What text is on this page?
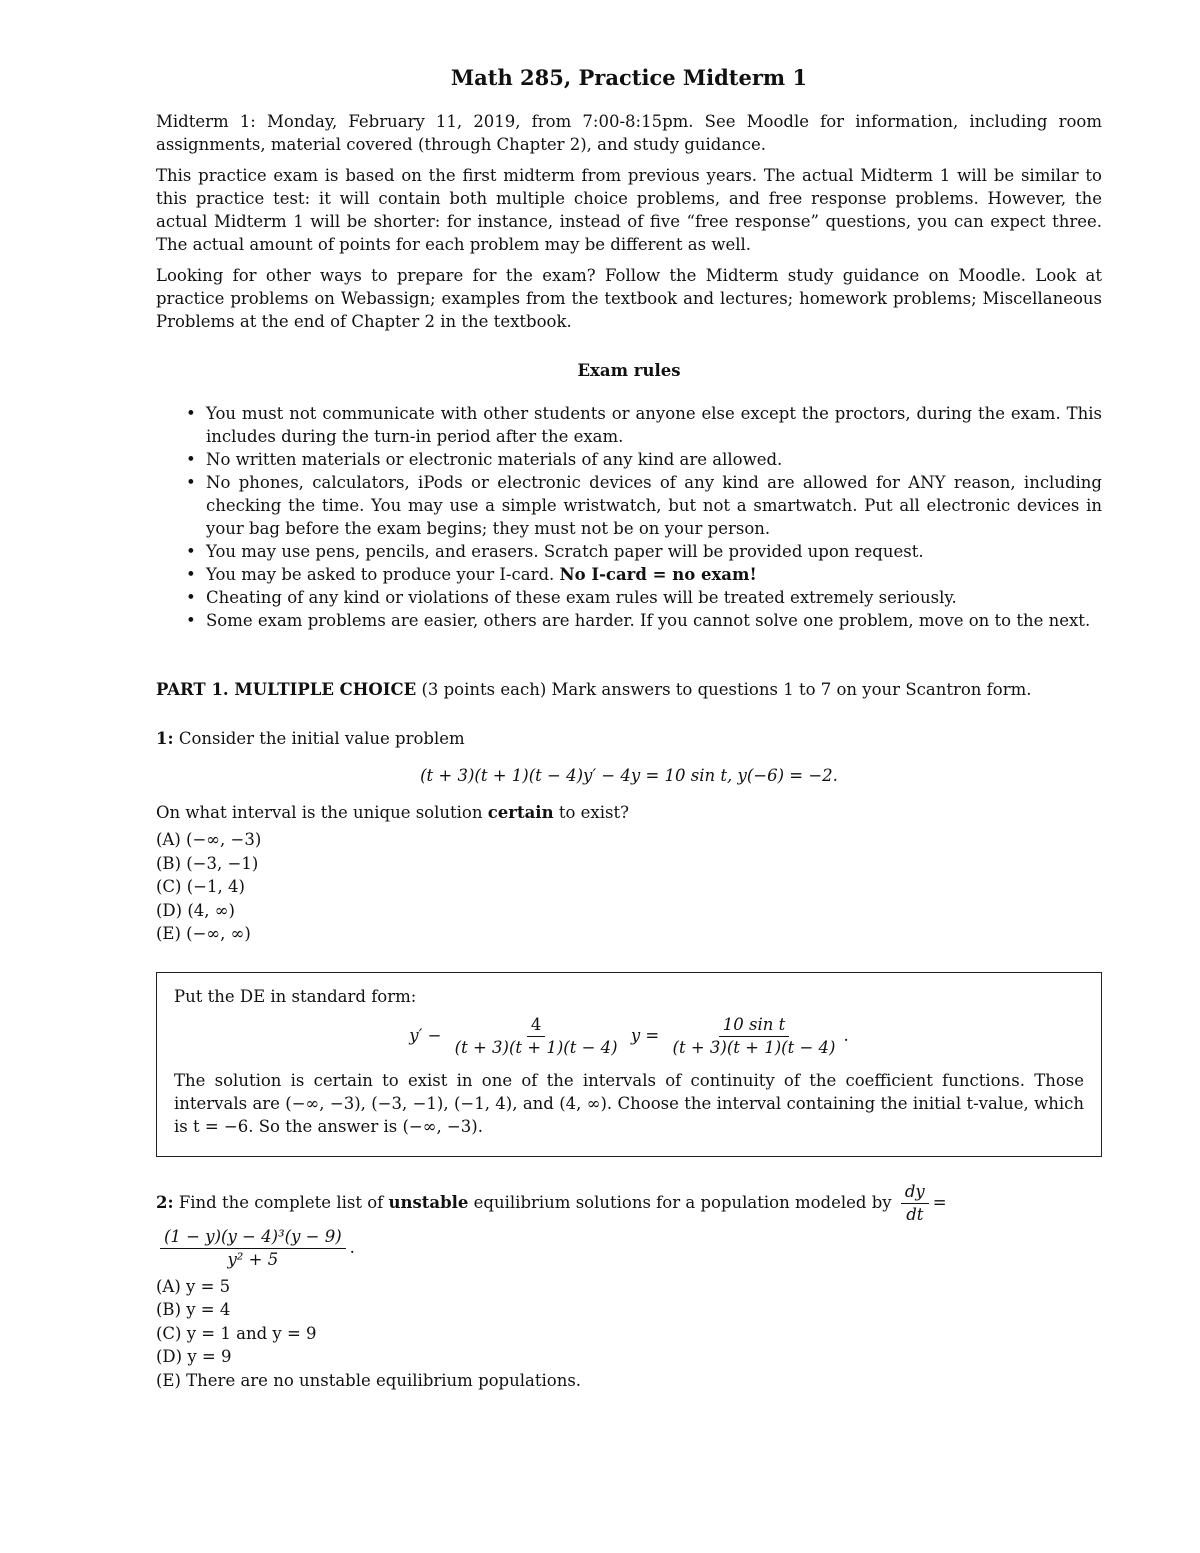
Math 285, Practice Midterm 1

Midterm 1: Monday, February 11, 2019, from 7:00-8:15pm. See Moodle for information, including room assignments, material covered (through Chapter 2), and study guidance.

This practice exam is based on the first midterm from previous years. The actual Midterm 1 will be similar to this practice test: it will contain both multiple choice problems, and free response problems. However, the actual Midterm 1 will be shorter: for instance, instead of five “free response” questions, you can expect three. The actual amount of points for each problem may be different as well.

Looking for other ways to prepare for the exam? Follow the Midterm study guidance on Moodle. Look at practice problems on Webassign; examples from the textbook and lectures; homework problems; Miscellaneous Problems at the end of Chapter 2 in the textbook.

Exam rules
• You must not communicate with other students or anyone else except the proctors, during the exam. This includes during the turn-in period after the exam.
• No written materials or electronic materials of any kind are allowed.
• No phones, calculators, iPods or electronic devices of any kind are allowed for ANY reason, including checking the time. You may use a simple wristwatch, but not a smartwatch. Put all electronic devices in your bag before the exam begins; they must not be on your person.
• You may use pens, pencils, and erasers. Scratch paper will be provided upon request.
• You may be asked to produce your I-card. No I-card = no exam!
• Cheating of any kind or violations of these exam rules will be treated extremely seriously.
• Some exam problems are easier, others are harder. If you cannot solve one problem, move on to the next.
PART 1. MULTIPLE CHOICE (3 points each) Mark answers to questions 1 to 7 on your Scantron form.
1: Consider the initial value problem
(t + 3)(t + 1)(t − 4)y′ − 4y = 10 sin t, y(−6) = −2.
On what interval is the unique solution certain to exist?
(A) (−∞, −3)
(B) (−3, −1)
(C) (−1, 4)
(D) (4, ∞)
(E) (−∞, ∞)

Put the DE in standard form:

$y' - \frac{4}{(t + 3)(t + 1)(t - 4)}$ $y = \frac{\text{10 sin t}}{(t + 3)(t + 1)(t - 4)}$ .

The solution is certain to exist in one of the intervals of continuity of the coefficient functions. Those intervals are (−∞, −3), (−3, −1), (−1, 4), and (4, ∞). Choose the interval containing the initial t-value, which is t = −6. So the answer is (−∞, −3).

2: Find the complete list of unstable equilibrium solutions for a population modeled by $\frac{dy}{dt}$ =
$\frac{\text{(1 − y)(y − 4)³(y − 9)}}{\text{y² + 5}}$ .
(A) y = 5
(B) y = 4
(C) y = 1 and y = 9
(D) y = 9
(E) There are no unstable equilibrium populations.
